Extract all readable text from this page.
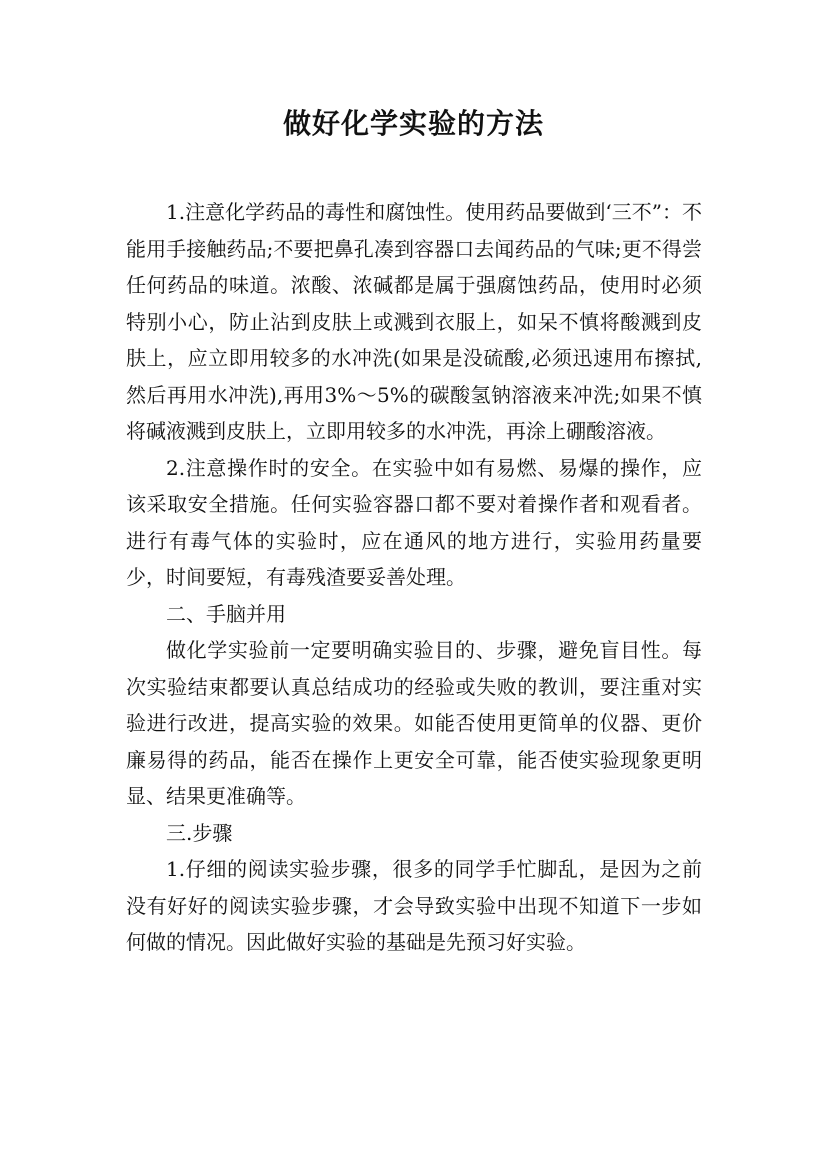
做好化学实验的方法

1.注意化学药品的毒性和腐蚀性。使用药品要做到‘三不”：不能用手接触药品;不要把鼻孔凑到容器口去闻药品的气味;更不得尝任何药品的味道。浓酸、浓碱都是属于强腐蚀药品，使用时必须特别小心，防止沾到皮肤上或溅到衣服上，如呆不慎将酸溅到皮肤上，应立即用较多的水冲洗(如果是没硫酸,必须迅速用布擦拭,然后再用水冲洗),再用3%～5%的碳酸氢钠溶液来冲洗;如果不慎将碱液溅到皮肤上，立即用较多的水冲洗，再涂上硼酸溶液。

2.注意操作时的安全。在实验中如有易燃、易爆的操作，应该采取安全措施。任何实验容器口都不要对着操作者和观看者。进行有毒气体的实验时，应在通风的地方进行，实验用药量要少，时间要短，有毒残渣要妥善处理。

二、手脑并用

做化学实验前一定要明确实验目的、步骤，避免盲目性。每次实验结束都要认真总结成功的经验或失败的教训，要注重对实验进行改进，提高实验的效果。如能否使用更简单的仪器、更价廉易得的药品，能否在操作上更安全可靠，能否使实验现象更明显、结果更准确等。

三.步骤

1.仔细的阅读实验步骤，很多的同学手忙脚乱，是因为之前没有好好的阅读实验步骤，才会导致实验中出现不知道下一步如何做的情况。因此做好实验的基础是先预习好实验。
